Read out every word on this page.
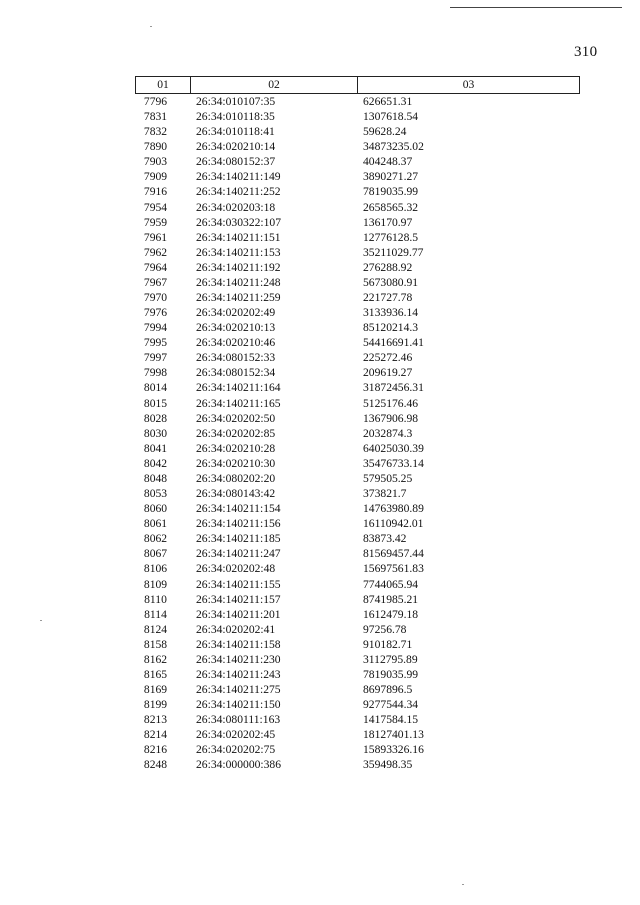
310
01	02	03
7796	26:34:010107:35	626651.31
7831	26:34:010118:35	1307618.54
7832	26:34:010118:41	59628.24
7890	26:34:020210:14	34873235.02
7903	26:34:080152:37	404248.37
7909	26:34:140211:149	3890271.27
7916	26:34:140211:252	7819035.99
7954	26:34:020203:18	2658565.32
7959	26:34:030322:107	136170.97
7961	26:34:140211:151	12776128.5
7962	26:34:140211:153	35211029.77
7964	26:34:140211:192	276288.92
7967	26:34:140211:248	5673080.91
7970	26:34:140211:259	221727.78
7976	26:34:020202:49	3133936.14
7994	26:34:020210:13	85120214.3
7995	26:34:020210:46	54416691.41
7997	26:34:080152:33	225272.46
7998	26:34:080152:34	209619.27
8014	26:34:140211:164	31872456.31
8015	26:34:140211:165	5125176.46
8028	26:34:020202:50	1367906.98
8030	26:34:020202:85	2032874.3
8041	26:34:020210:28	64025030.39
8042	26:34:020210:30	35476733.14
8048	26:34:080202:20	579505.25
8053	26:34:080143:42	373821.7
8060	26:34:140211:154	14763980.89
8061	26:34:140211:156	16110942.01
8062	26:34:140211:185	83873.42
8067	26:34:140211:247	81569457.44
8106	26:34:020202:48	15697561.83
8109	26:34:140211:155	7744065.94
8110	26:34:140211:157	8741985.21
8114	26:34:140211:201	1612479.18
8124	26:34:020202:41	97256.78
8158	26:34:140211:158	910182.71
8162	26:34:140211:230	3112795.89
8165	26:34:140211:243	7819035.99
8169	26:34:140211:275	8697896.5
8199	26:34:140211:150	9277544.34
8213	26:34:080111:163	1417584.15
8214	26:34:020202:45	18127401.13
8216	26:34:020202:75	15893326.16
8248	26:34:000000:386	359498.35
